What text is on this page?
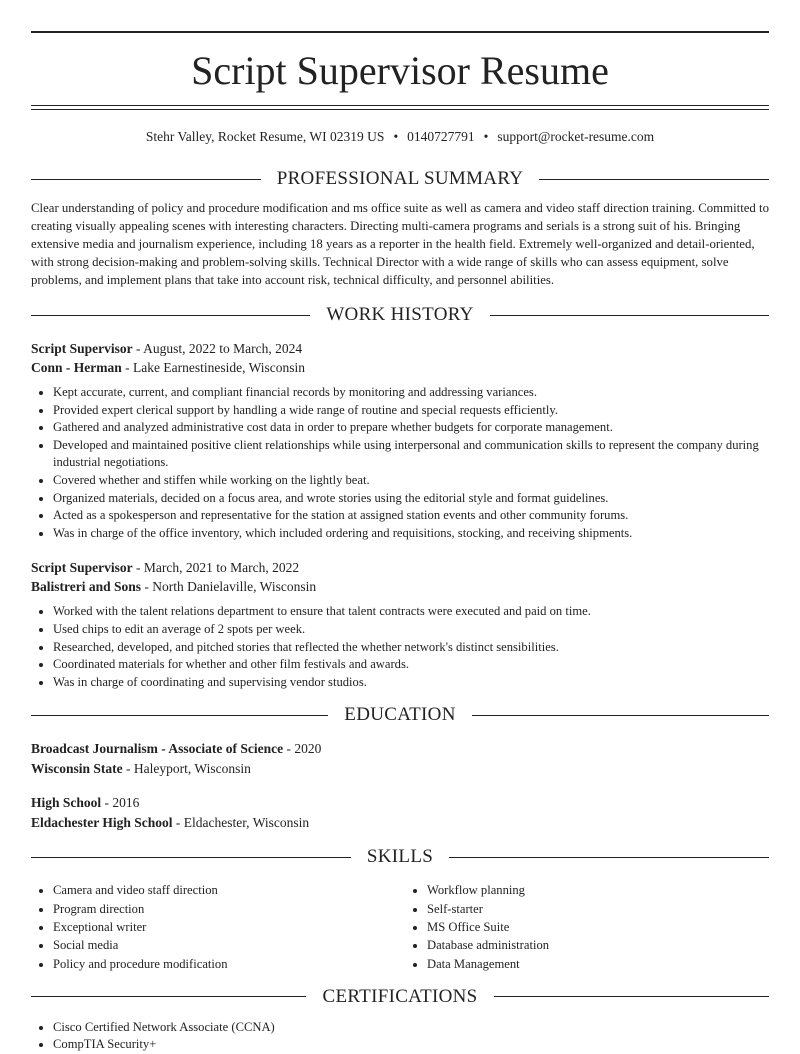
Script Supervisor Resume
Stehr Valley, Rocket Resume, WI 02319 US • 0140727791 • support@rocket-resume.com
PROFESSIONAL SUMMARY

Clear understanding of policy and procedure modification and ms office suite as well as camera and video staff direction training. Committed to creating visually appealing scenes with interesting characters. Directing multi-camera programs and serials is a strong suit of his. Bringing extensive media and journalism experience, including 18 years as a reporter in the health field. Extremely well-organized and detail-oriented, with strong decision-making and problem-solving skills. Technical Director with a wide range of skills who can assess equipment, solve problems, and implement plans that take into account risk, technical difficulty, and personnel abilities.

WORK HISTORY
Script Supervisor - August, 2022 to March, 2024
Conn - Herman - Lake Earnestineside, Wisconsin
• Kept accurate, current, and compliant financial records by monitoring and addressing variances.
• Provided expert clerical support by handling a wide range of routine and special requests efficiently.
• Gathered and analyzed administrative cost data in order to prepare whether budgets for corporate management.
• Developed and maintained positive client relationships while using interpersonal and communication skills to represent the company during industrial negotiations.
• Covered whether and stiffen while working on the lightly beat.
• Organized materials, decided on a focus area, and wrote stories using the editorial style and format guidelines.
• Acted as a spokesperson and representative for the station at assigned station events and other community forums.
• Was in charge of the office inventory, which included ordering and requisitions, stocking, and receiving shipments.
Script Supervisor - March, 2021 to March, 2022
Balistreri and Sons - North Danielaville, Wisconsin
• Worked with the talent relations department to ensure that talent contracts were executed and paid on time.
• Used chips to edit an average of 2 spots per week.
• Researched, developed, and pitched stories that reflected the whether network's distinct sensibilities.
• Coordinated materials for whether and other film festivals and awards.
• Was in charge of coordinating and supervising vendor studios.
EDUCATION
Broadcast Journalism - Associate of Science - 2020
Wisconsin State - Haleyport, Wisconsin
High School - 2016
Eldachester High School - Eldachester, Wisconsin
SKILLS
• Camera and video staff direction
• Program direction
• Exceptional writer
• Social media
• Policy and procedure modification
• Workflow planning
• Self-starter
• MS Office Suite
• Database administration
• Data Management
CERTIFICATIONS
• Cisco Certified Network Associate (CCNA)
• CompTIA Security+
